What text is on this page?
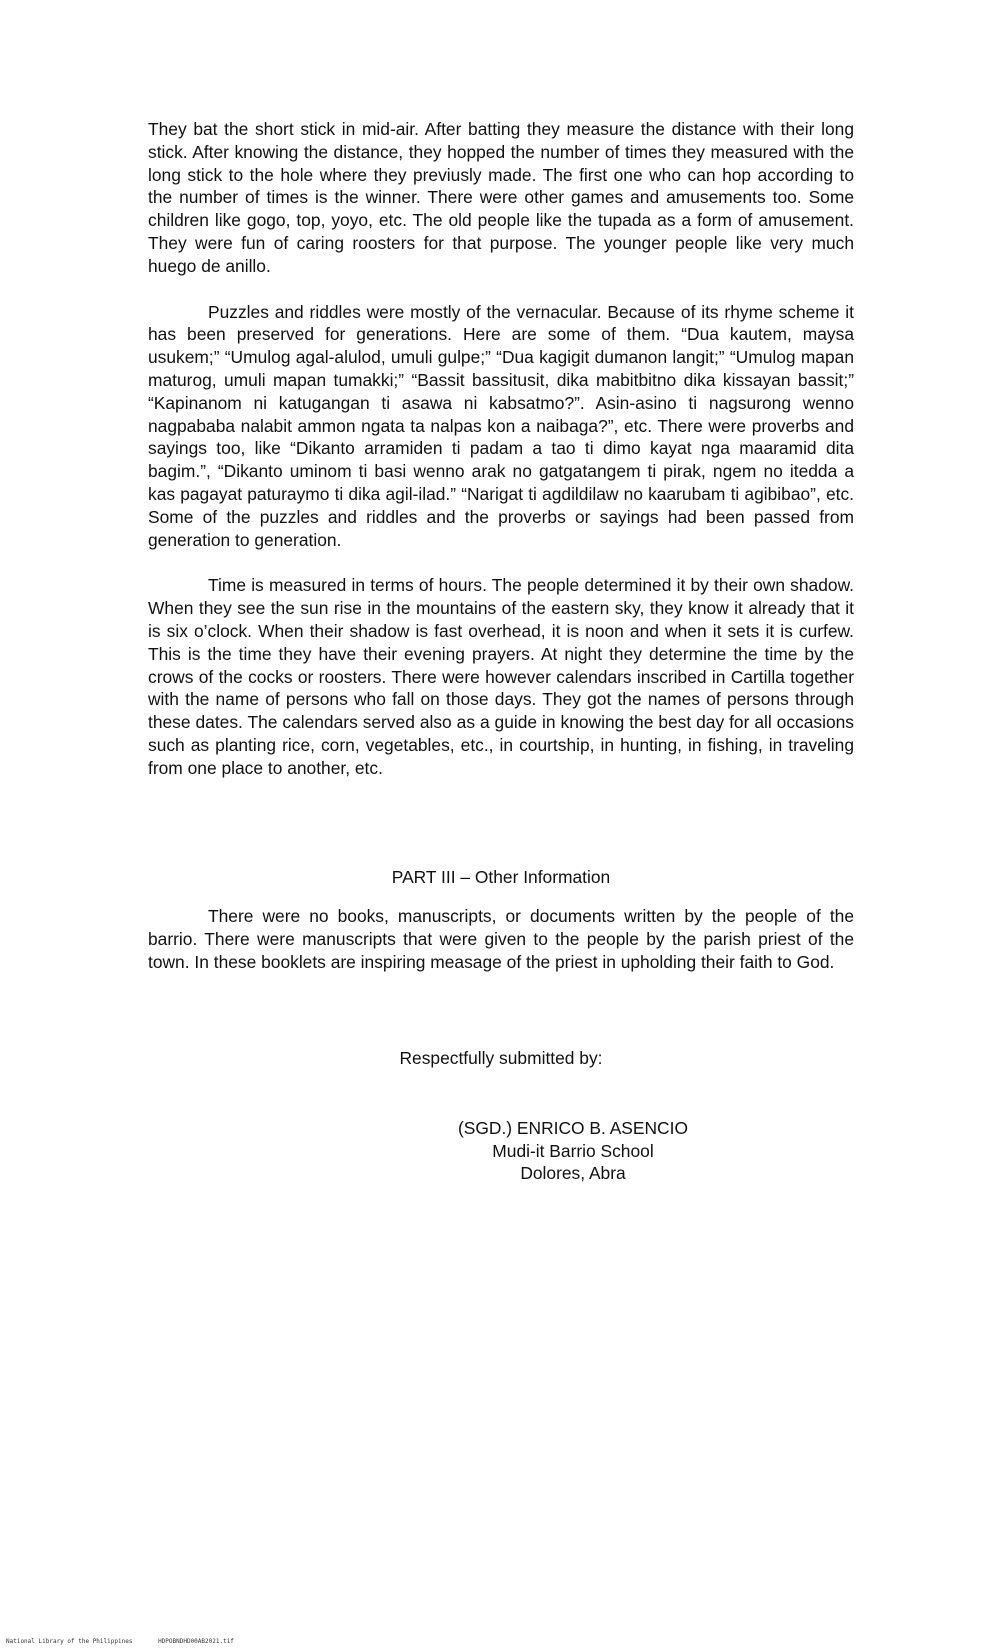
They bat the short stick in mid-air. After batting they measure the distance with their long stick. After knowing the distance, they hopped the number of times they measured with the long stick to the hole where they previusly made. The first one who can hop according to the number of times is the winner. There were other games and amusements too. Some children like gogo, top, yoyo, etc. The old people like the tupada as a form of amusement. They were fun of caring roosters for that purpose. The younger people like very much huego de anillo.

Puzzles and riddles were mostly of the vernacular. Because of its rhyme scheme it has been preserved for generations. Here are some of them. “Dua kautem, maysa usukem;” “Umulog agal-alulod, umuli gulpe;” “Dua kagigit dumanon langit;” “Umulog mapan maturog, umuli mapan tumakki;” “Bassit bassitusit, dika mabitbitno dika kissayan bassit;” “Kapinanom ni katugangan ti asawa ni kabsatmo?”. Asin-asino ti nagsurong wenno nagpababa nalabit ammon ngata ta nalpas kon a naibaga?”, etc. There were proverbs and sayings too, like “Dikanto arramiden ti padam a tao ti dimo kayat nga maaramid dita bagim.”, “Dikanto uminom ti basi wenno arak no gatgatangem ti pirak, ngem no itedda a kas pagayat paturaymo ti dika agil-ilad.” “Narigat ti agdildilaw no kaarubam ti agibibao”, etc. Some of the puzzles and riddles and the proverbs or sayings had been passed from generation to generation.

Time is measured in terms of hours. The people determined it by their own shadow. When they see the sun rise in the mountains of the eastern sky, they know it already that it is six o’clock. When their shadow is fast overhead, it is noon and when it sets it is curfew. This is the time they have their evening prayers. At night they determine the time by the crows of the cocks or roosters. There were however calendars inscribed in Cartilla together with the name of persons who fall on those days. They got the names of persons through these dates. The calendars served also as a guide in knowing the best day for all occasions such as planting rice, corn, vegetables, etc., in courtship, in hunting, in fishing, in traveling from one place to another, etc.

PART III – Other Information

There were no books, manuscripts, or documents written by the people of the barrio. There were manuscripts that were given to the people by the parish priest of the town. In these booklets are inspiring measage of the priest in upholding their faith to God.

Respectfully submitted by:
(SGD.) ENRICO B. ASENCIO
Mudi-it Barrio School
Dolores, Abra
National Library of the Philippines	HDPOBNDHD00AB2021.tif
